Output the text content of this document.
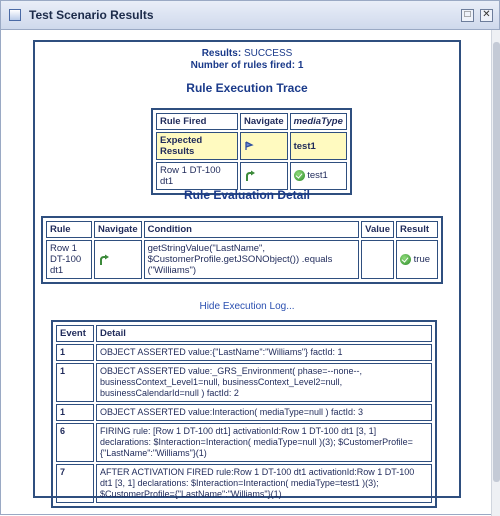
Test Scenario Results	□ ✕
Results: SUCCESS
Number of rules fired: 1
Rule Execution Trace
Rule Fired	Navigate	mediaType
Expected Results		test1
Row 1 DT-100 dt1		test1
Rule Evaluation Detail
Rule	Navigate	Condition	Value	Result
Row 1 DT-100 dt1		getStringValue("LastName", $CustomerProfile.getJSONObject()) .equals ("Williams")		true
Hide Execution Log...
Event	Detail
1	OBJECT ASSERTED value:{"LastName":"Williams"} factId: 1
1	OBJECT ASSERTED value:_GRS_Environment( phase=--none--, businessContext_Level1=null, businessContext_Level2=null, businessCalendarId=null ) factId: 2
1	OBJECT ASSERTED value:Interaction( mediaType=null ) factId: 3
6	FIRING rule: [Row 1 DT-100 dt1] activationId:Row 1 DT-100 dt1 [3, 1] declarations: $Interaction=Interaction( mediaType=null )(3); $CustomerProfile={"LastName":"Williams"}(1)
7	AFTER ACTIVATION FIRED rule:Row 1 DT-100 dt1 activationId:Row 1 DT-100 dt1 [3, 1] declarations: $Interaction=Interaction( mediaType=test1 )(3); $CustomerProfile={"LastName":"Williams"}(1)
